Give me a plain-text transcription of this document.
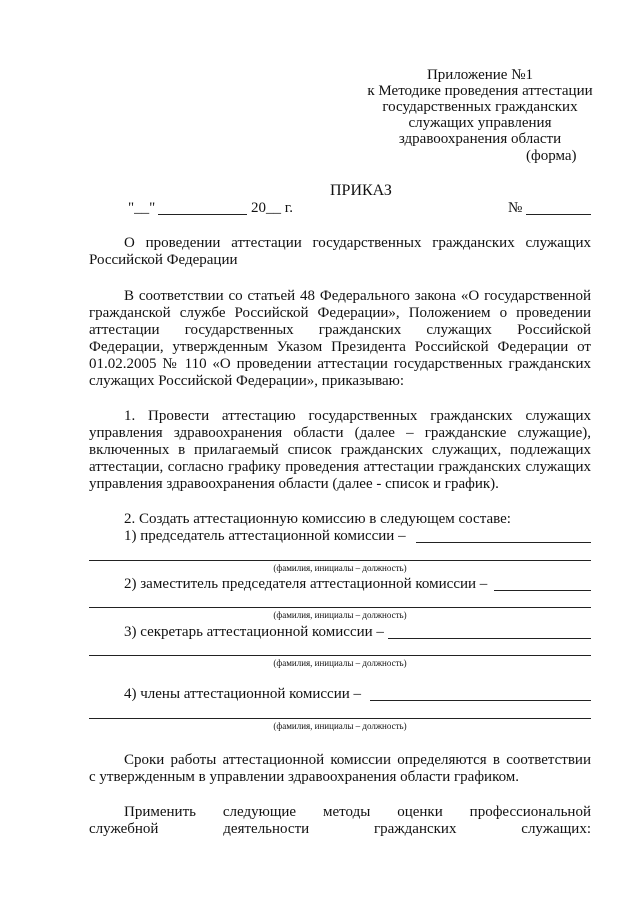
Приложение №1
к Методике проведения аттестации
государственных гражданских
служащих управления
здравоохранения области
(форма)
ПРИКАЗ
"__"	20__ г.	№
О проведении аттестации государственных гражданских служащих
Российской Федерации
В соответствии со статьей 48 Федерального закона «О государственной
гражданской службе Российской Федерации», Положением о проведении
аттестации государственных гражданских служащих Российской
Федерации, утвержденным Указом Президента Российской Федерации от
01.02.2005 № 110 «О проведении аттестации государственных гражданских
служащих Российской Федерации», приказываю:
1. Провести аттестацию государственных гражданских служащих
управления здравоохранения области (далее – гражданские служащие),
включенных в прилагаемый список гражданских служащих, подлежащих
аттестации, согласно графику проведения аттестации гражданских служащих
управления здравоохранения области (далее - список и график).
2. Создать аттестационную комиссию в следующем составе:
1) председатель аттестационной комиссии –
(фамилия, инициалы – должность)
2) заместитель председателя аттестационной комиссии –
(фамилия, инициалы – должность)
3) секретарь аттестационной комиссии –
(фамилия, инициалы – должность)
4) члены аттестационной комиссии –
(фамилия, инициалы – должность)
Сроки работы аттестационной комиссии определяются в соответствии
с утвержденным в управлении здравоохранения области графиком.
Применить следующие методы оценки профессиональной
служебной деятельности гражданских служащих:
